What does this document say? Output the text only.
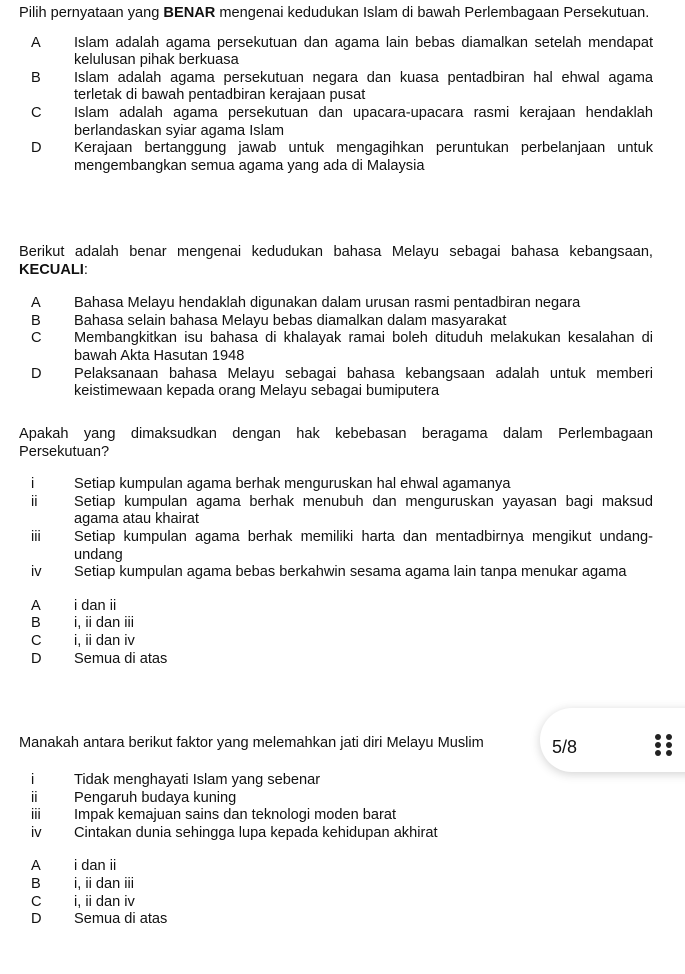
Pilih pernyataan yang BENAR mengenai kedudukan Islam di bawah Perlembagaan Persekutuan.
A	Islam adalah agama persekutuan dan agama lain bebas diamalkan setelah mendapat kelulusan pihak berkuasa
B	Islam adalah agama persekutuan negara dan kuasa pentadbiran hal ehwal agama terletak di bawah pentadbiran kerajaan pusat
C	Islam adalah agama persekutuan dan upacara-upacara rasmi kerajaan hendaklah berlandaskan syiar agama Islam
D	Kerajaan bertanggung jawab untuk mengagihkan peruntukan perbelanjaan untuk mengembangkan semua agama yang ada di Malaysia
Berikut adalah benar mengenai kedudukan bahasa Melayu sebagai bahasa kebangsaan, KECUALI:
A	Bahasa Melayu hendaklah digunakan dalam urusan rasmi pentadbiran negara
B	Bahasa selain bahasa Melayu bebas diamalkan dalam masyarakat
C	Membangkitkan isu bahasa di khalayak ramai boleh dituduh melakukan kesalahan di bawah Akta Hasutan 1948
D	Pelaksanaan bahasa Melayu sebagai bahasa kebangsaan adalah untuk memberi keistimewaan kepada orang Melayu sebagai bumiputera
Apakah yang dimaksudkan dengan hak kebebasan beragama dalam Perlembagaan Persekutuan?
i	Setiap kumpulan agama berhak menguruskan hal ehwal agamanya
ii	Setiap kumpulan agama berhak menubuh dan menguruskan yayasan bagi maksud agama atau khairat
iii	Setiap kumpulan agama berhak memiliki harta dan mentadbirnya mengikut undang-undang
iv	Setiap kumpulan agama bebas berkahwin sesama agama lain tanpa menukar agama
A	i dan ii
B	i, ii dan iii
C	i, ii dan iv
D	Semua di atas
5/8
Manakah antara berikut faktor yang melemahkan jati diri Melayu Muslim
i	Tidak menghayati Islam yang sebenar
ii	Pengaruh budaya kuning
iii	Impak kemajuan sains dan teknologi moden barat
iv	Cintakan dunia sehingga lupa kepada kehidupan akhirat
A	i dan ii
B	i, ii dan iii
C	i, ii dan iv
D	Semua di atas
